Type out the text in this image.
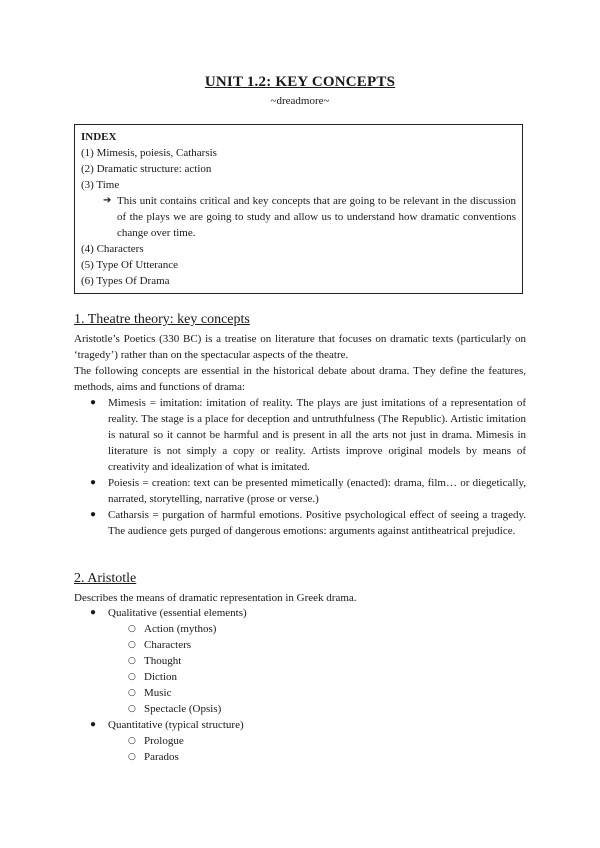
UNIT 1.2: KEY CONCEPTS
~dreadmore~
INDEX
(1) Mimesis, poiesis, Catharsis
(2) Dramatic structure: action
(3) Time
➔ This unit contains critical and key concepts that are going to be relevant in the discussion of the plays we are going to study and allow us to understand how dramatic conventions change over time.
(4) Characters
(5) Type Of Utterance
(6) Types Of Drama
1. Theatre theory: key concepts
Aristotle’s Poetics (330 BC) is a treatise on literature that focuses on dramatic texts (particularly on ‘tragedy’) rather than on the spectacular aspects of the theatre.
The following concepts are essential in the historical debate about drama. They define the features, methods, aims and functions of drama:
● Mimesis = imitation: imitation of reality. The plays are just imitations of a representation of reality. The stage is a place for deception and untruthfulness (The Republic). Artistic imitation is natural so it cannot be harmful and is present in all the arts not just in drama. Mimesis in literature is not simply a copy or reality. Artists improve original models by means of creativity and idealization of what is imitated.
● Poiesis = creation: text can be presented mimetically (enacted): drama, film… or diegetically, narrated, storytelling, narrative (prose or verse.)
● Catharsis = purgation of harmful emotions. Positive psychological effect of seeing a tragedy. The audience gets purged of dangerous emotions: arguments against antitheatrical prejudice.
2. Aristotle
Describes the means of dramatic representation in Greek drama.
● Qualitative (essential elements)
○ Action (mythos)
○ Characters
○ Thought
○ Diction
○ Music
○ Spectacle (Opsis)
● Quantitative (typical structure)
○ Prologue
○ Parados
